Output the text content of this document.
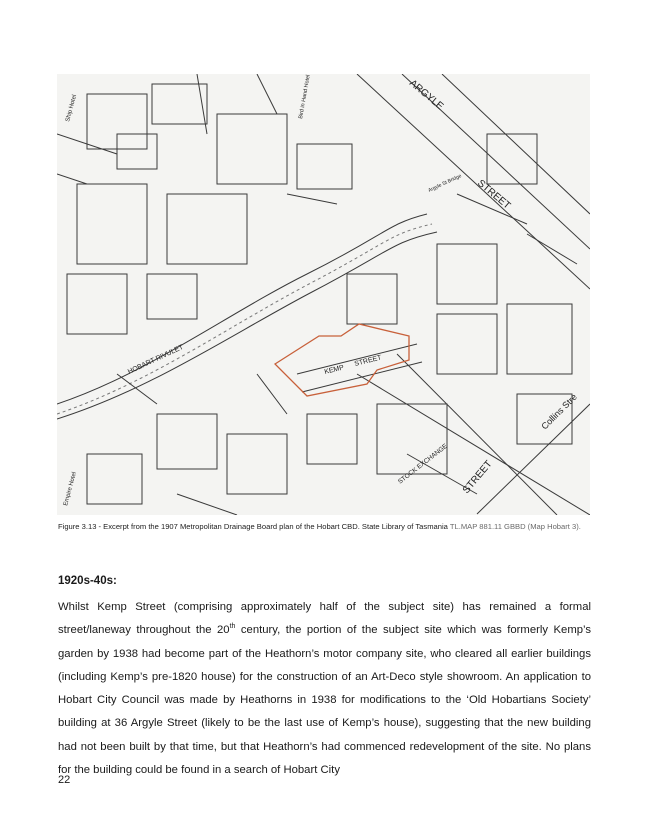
ARGYLE
STREET
STREET
KEMP
STREET
HOBART RIVULET
Collins Stre
STOCK EXCHANGE
Bird in Hand Hotel
Argyle St Bridge
Empire Hotel
Ship Hotel
Figure 3.13 - Excerpt from the 1907 Metropolitan Drainage Board plan of the Hobart CBD. State Library of Tasmania TL.MAP 881.11 GBBD (Map Hobart 3).
1920s-40s:

Whilst Kemp Street (comprising approximately half of the subject site) has remained a formal street/laneway throughout the 20th century, the portion of the subject site which was formerly Kemp’s garden by 1938 had become part of the Heathorn’s motor company site, who cleared all earlier buildings (including Kemp’s pre-1820 house) for the construction of an Art-Deco style showroom. An application to Hobart City Council was made by Heathorns in 1938 for modifications to the ‘Old Hobartians Society’ building at 36 Argyle Street (likely to be the last use of Kemp’s house), suggesting that the new building had not been built by that time, but that Heathorn’s had commenced redevelopment of the site. No plans for the building could be found in a search of Hobart City

22
